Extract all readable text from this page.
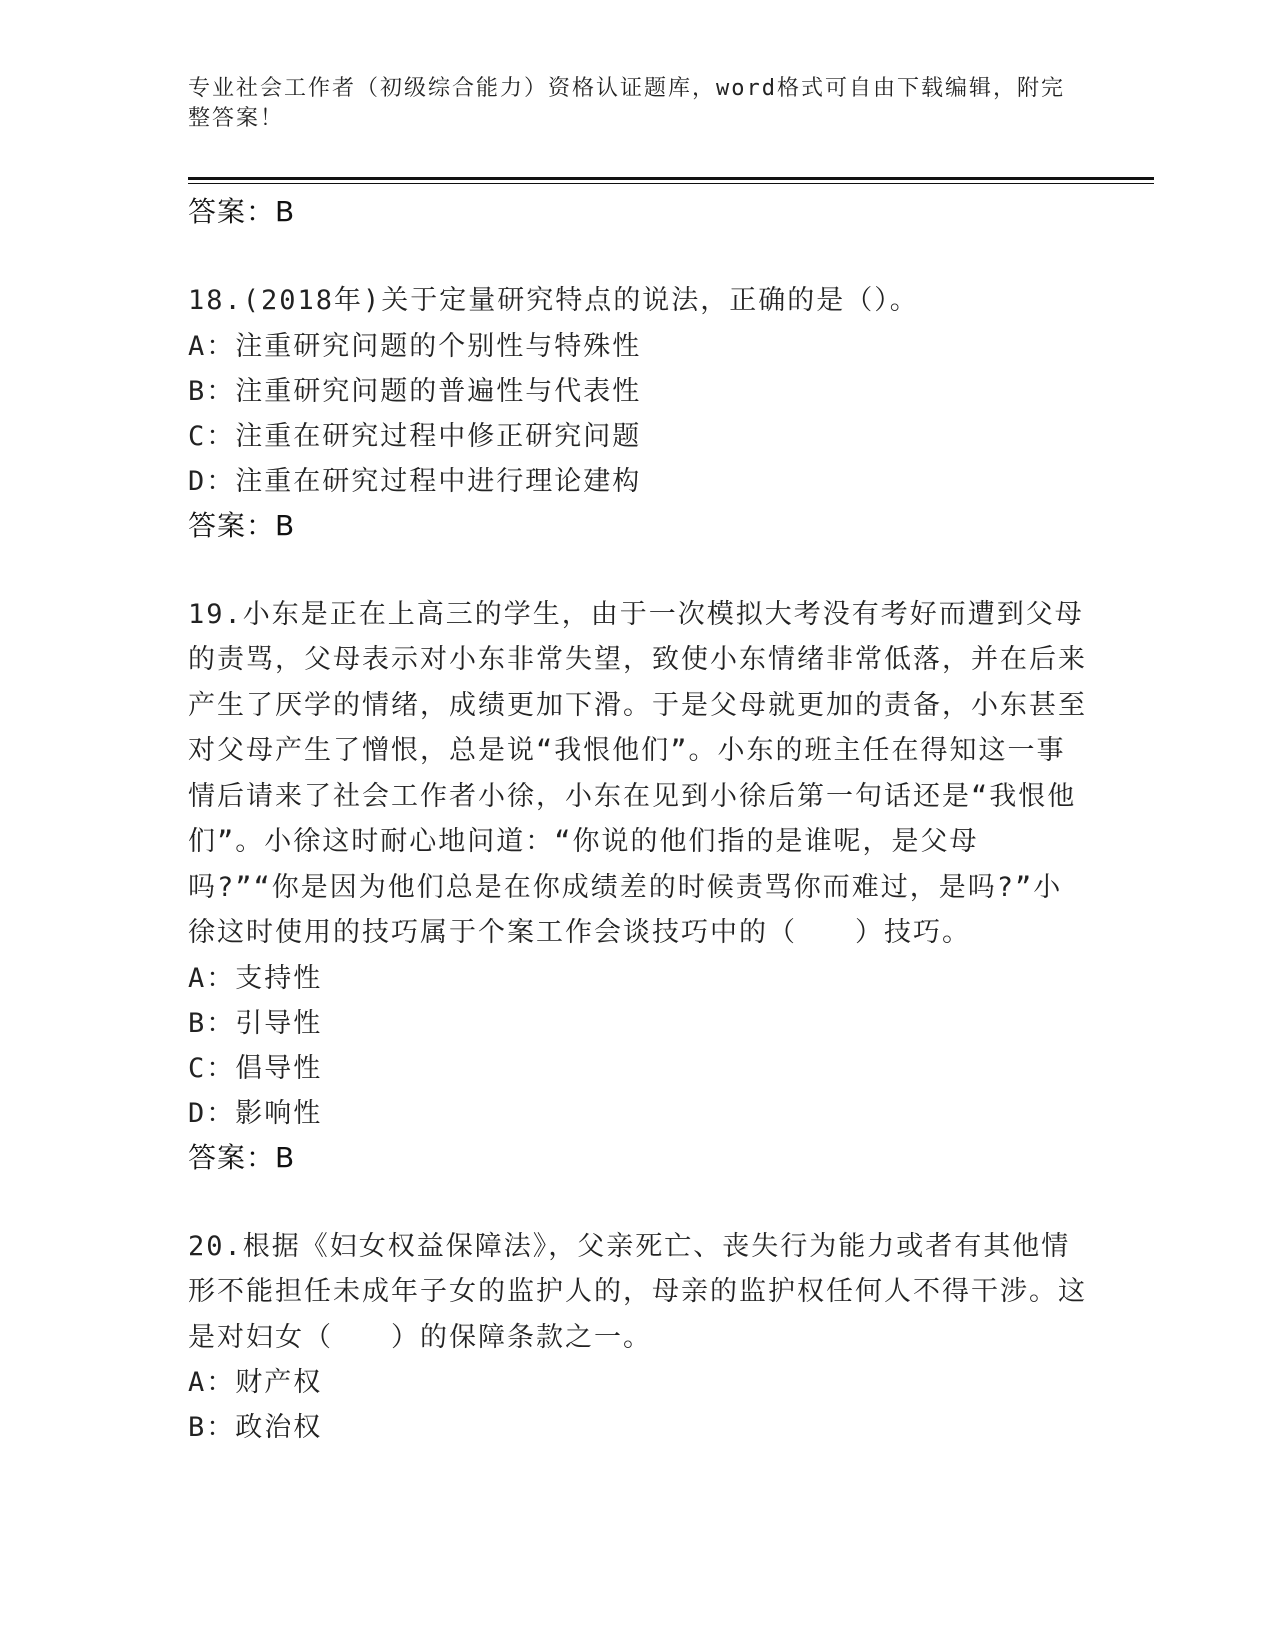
专业社会工作者（初级综合能力）资格认证题库，word格式可自由下载编辑，附完整答案！
答案：B
18.(2018年)关于定量研究特点的说法，正确的是（）。
A：注重研究问题的个别性与特殊性
B：注重研究问题的普遍性与代表性
C：注重在研究过程中修正研究问题
D：注重在研究过程中进行理论建构
答案：B
19.小东是正在上高三的学生，由于一次模拟大考没有考好而遭到父母的责骂，父母表示对小东非常失望，致使小东情绪非常低落，并在后来产生了厌学的情绪，成绩更加下滑。于是父母就更加的责备，小东甚至对父母产生了憎恨，总是说“我恨他们”。小东的班主任在得知这一事情后请来了社会工作者小徐，小东在见到小徐后第一句话还是“我恨他们”。小徐这时耐心地问道：“你说的他们指的是谁呢，是父母吗?”“你是因为他们总是在你成绩差的时候责骂你而难过，是吗?”小徐这时使用的技巧属于个案工作会谈技巧中的（　　）技巧。
A：支持性
B：引导性
C：倡导性
D：影响性
答案：B
20.根据《妇女权益保障法》，父亲死亡、丧失行为能力或者有其他情形不能担任未成年子女的监护人的，母亲的监护权任何人不得干涉。这是对妇女（　　）的保障条款之一。
A：财产权
B：政治权
